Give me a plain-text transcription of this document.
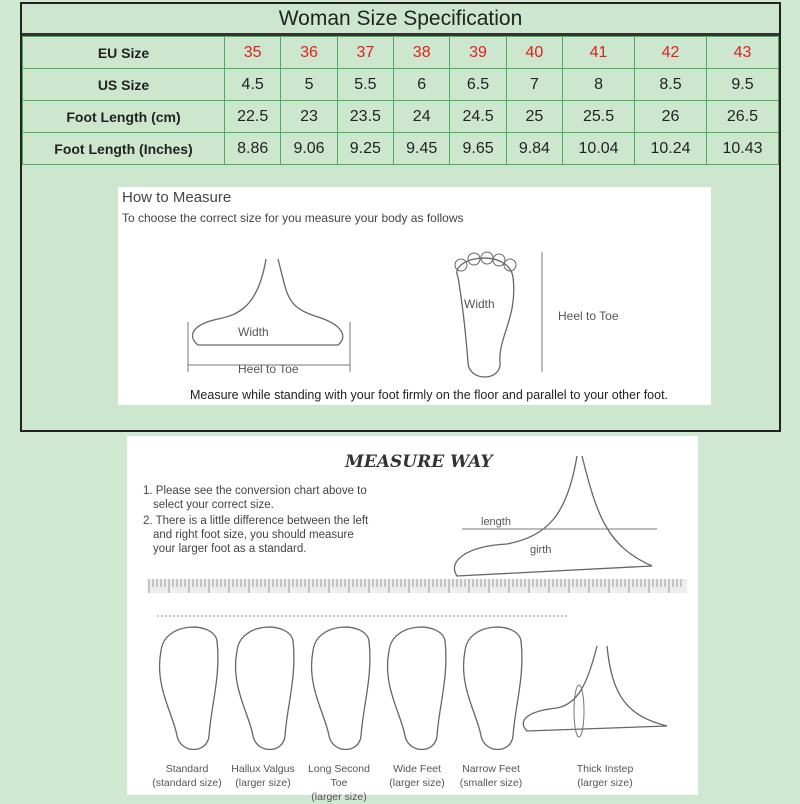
Woman Size Specification
EU Size	35	36	37	38	39	40	41	42	43
US Size	4.5	5	5.5	6	6.5	7	8	8.5	9.5
Foot Length (cm)	22.5	23	23.5	24	24.5	25	25.5	26	26.5
Foot Length (Inches)	8.86	9.06	9.25	9.45	9.65	9.84	10.04	10.24	10.43
How to Measure
To choose the correct size for you measure your body as follows
Width
Heel to Toe
Width
Heel to Toe
Measure while standing with your foot firmly on the floor and parallel to your other foot.
MEASURE WAY
1. Please see the conversion chart above to
select your correct size.
2. There is a little difference between the left
and right foot size, you should measure
your larger foot as a standard.
length
girth
Standard
(standard size)
Hallux Valgus
(larger size)
Long Second Toe
(larger size)
Wide Feet
(larger size)
Narrow Feet
(smaller size)
Thick Instep
(larger size)
